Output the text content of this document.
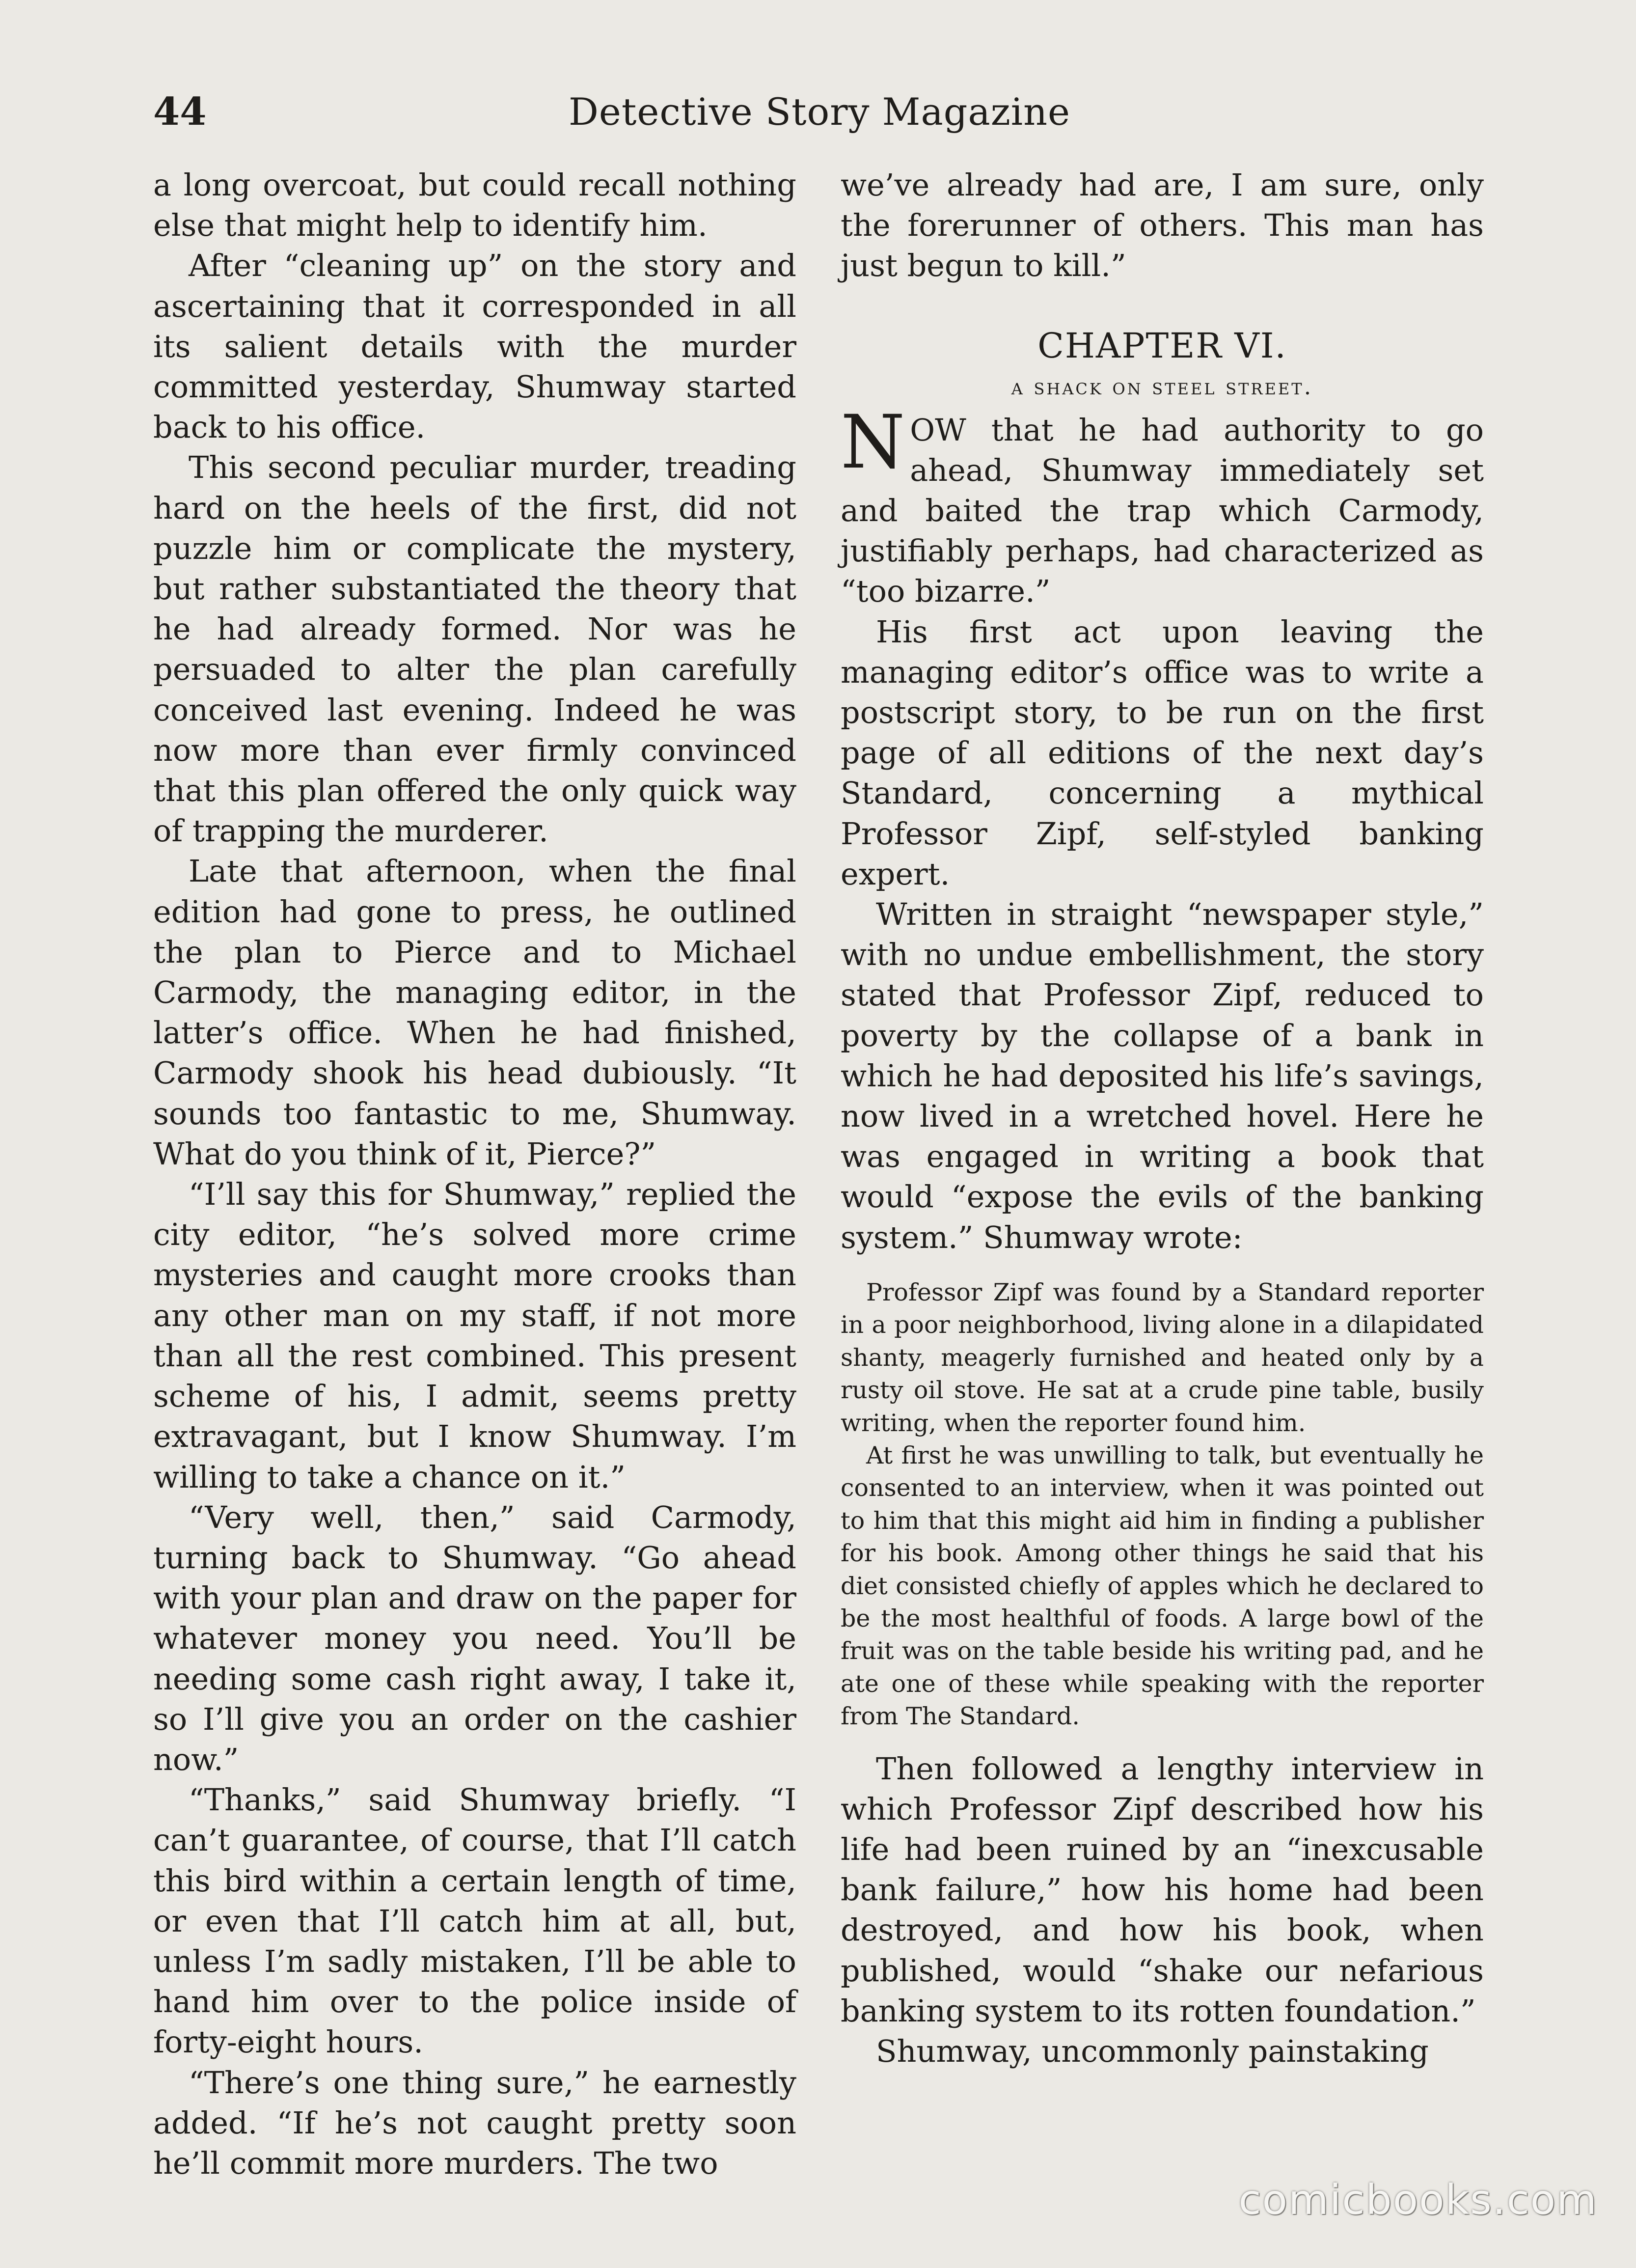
44	Detective Story Magazine

a long overcoat, but could recall nothing else that might help to identify him.

After “cleaning up” on the story and ascertaining that it corresponded in all its salient details with the murder committed yesterday, Shumway started back to his office.

This second peculiar murder, treading hard on the heels of the first, did not puzzle him or complicate the mystery, but rather substantiated the theory that he had already formed. Nor was he persuaded to alter the plan carefully conceived last evening. Indeed he was now more than ever firmly convinced that this plan offered the only quick way of trapping the murderer.

Late that afternoon, when the final edition had gone to press, he outlined the plan to Pierce and to Michael Carmody, the managing editor, in the latter’s office. When he had finished, Carmody shook his head dubiously. “It sounds too fantastic to me, Shumway. What do you think of it, Pierce?”

“I’ll say this for Shumway,” replied the city editor, “he’s solved more crime mysteries and caught more crooks than any other man on my staff, if not more than all the rest combined. This present scheme of his, I admit, seems pretty extravagant, but I know Shumway. I’m willing to take a chance on it.”

“Very well, then,” said Carmody, turning back to Shumway. “Go ahead with your plan and draw on the paper for whatever money you need. You’ll be needing some cash right away, I take it, so I’ll give you an order on the cashier now.”

“Thanks,” said Shumway briefly. “I can’t guarantee, of course, that I’ll catch this bird within a certain length of time, or even that I’ll catch him at all, but, unless I’m sadly mistaken, I’ll be able to hand him over to the police inside of forty-eight hours.

“There’s one thing sure,” he earnestly added. “If he’s not caught pretty soon he’ll commit more murders. The two

we’ve already had are, I am sure, only the forerunner of others. This man has just begun to kill.”

CHAPTER VI.
a shack on steel street.

NOW that he had authority to go ahead, Shumway immediately set and baited the trap which Carmody, justifiably perhaps, had characterized as “too bizarre.”

His first act upon leaving the managing editor’s office was to write a postscript story, to be run on the first page of all editions of the next day’s Standard, concerning a mythical Professor Zipf, self-styled banking expert.

Written in straight “newspaper style,” with no undue embellishment, the story stated that Professor Zipf, reduced to poverty by the collapse of a bank in which he had deposited his life’s savings, now lived in a wretched hovel. Here he was engaged in writing a book that would “expose the evils of the banking system.” Shumway wrote:

Professor Zipf was found by a Standard reporter in a poor neighborhood, living alone in a dilapidated shanty, meagerly furnished and heated only by a rusty oil stove. He sat at a crude pine table, busily writing, when the reporter found him.

At first he was unwilling to talk, but eventually he consented to an interview, when it was pointed out to him that this might aid him in finding a publisher for his book. Among other things he said that his diet consisted chiefly of apples which he declared to be the most healthful of foods. A large bowl of the fruit was on the table beside his writing pad, and he ate one of these while speaking with the reporter from The Standard.

Then followed a lengthy interview in which Professor Zipf described how his life had been ruined by an “inexcusable bank failure,” how his home had been destroyed, and how his book, when published, would “shake our nefarious banking system to its rotten foundation.”

Shumway, uncommonly painstaking

comicbooks.com
